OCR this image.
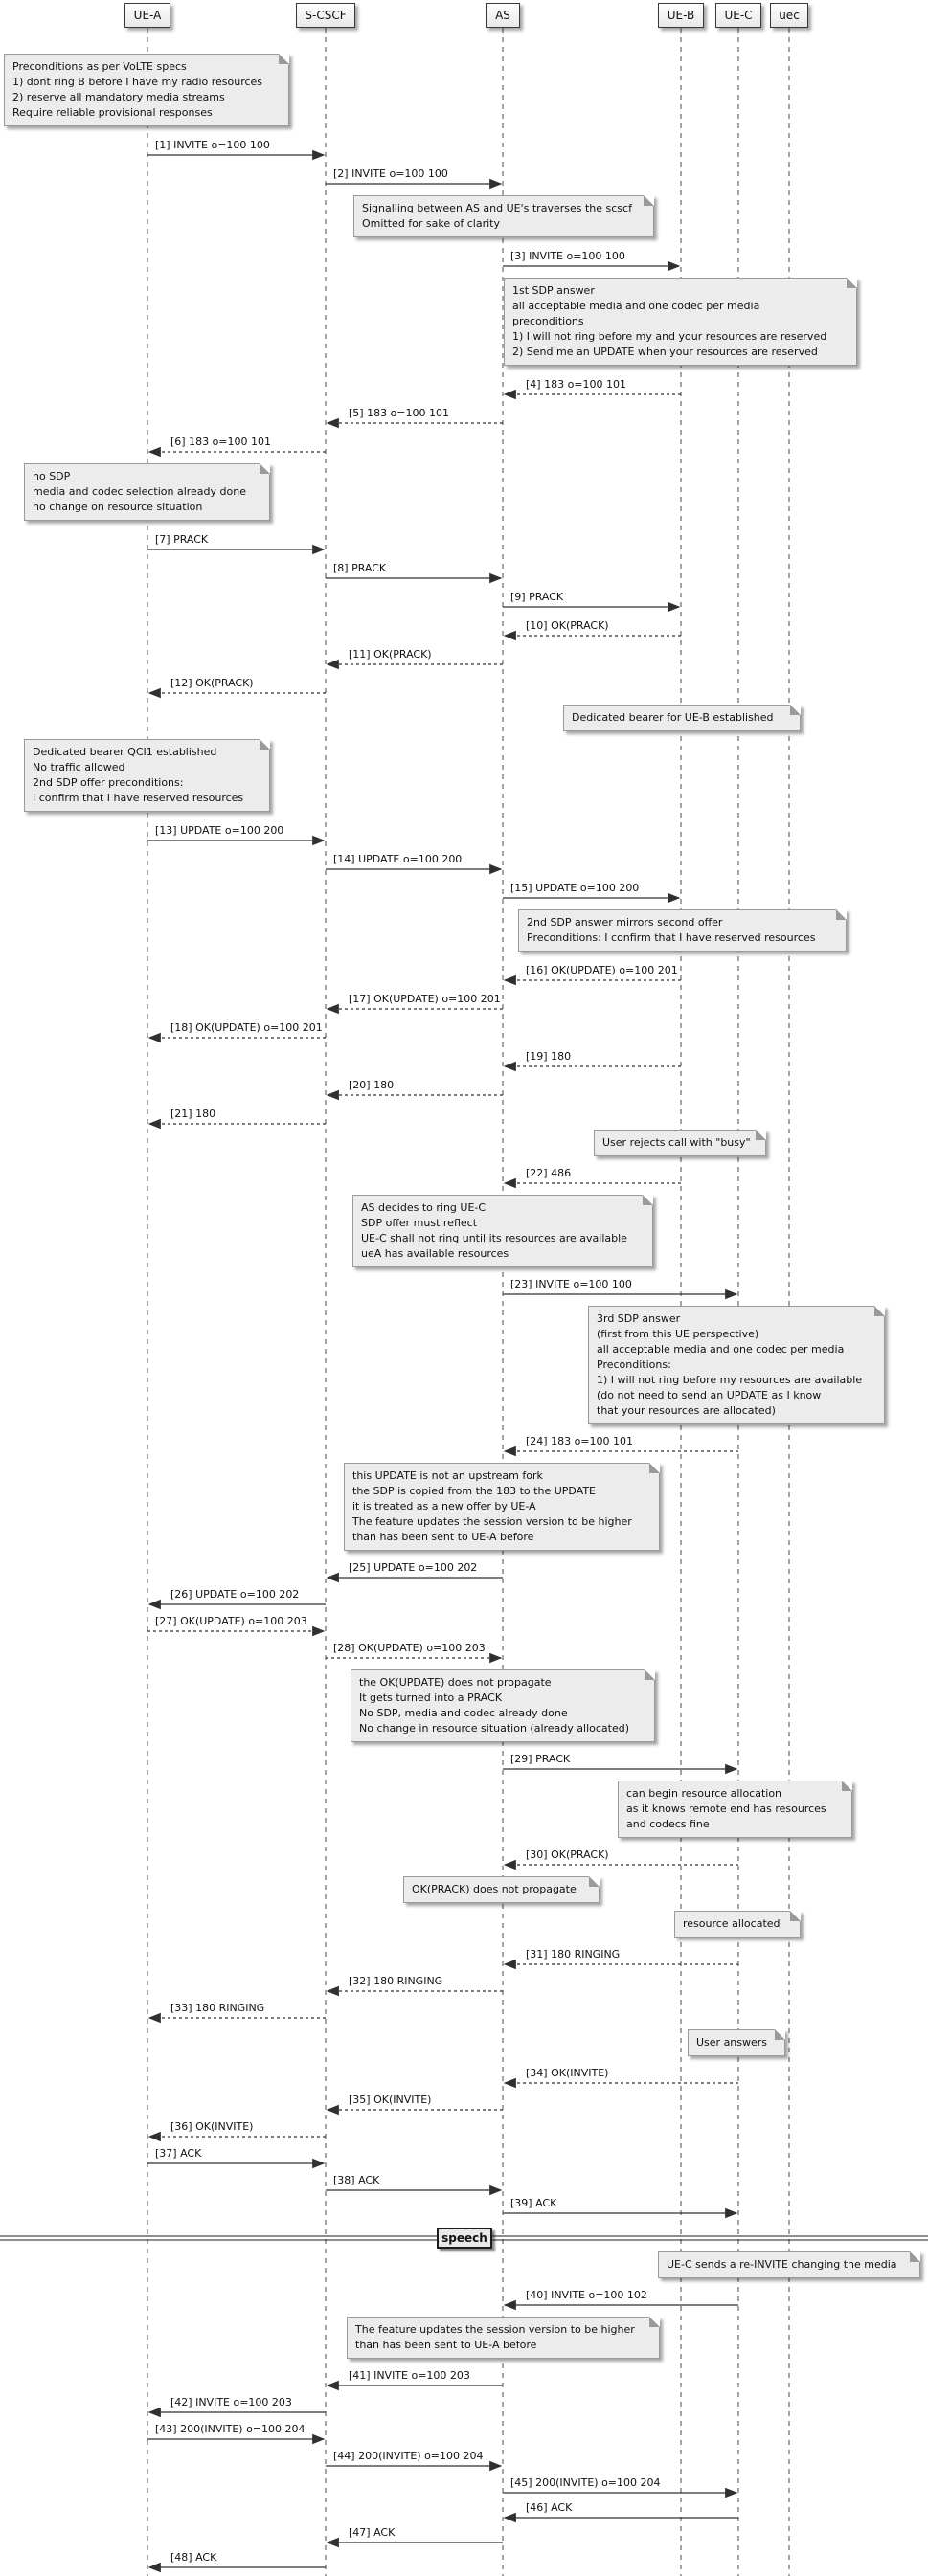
UE-A	S-CSCF	AS	UE-B	UE-C uec
[1] INVITE o=100 100
[2] INVITE o=100 100
[3] INVITE o=100 100
[4] 183 o=100 101
[5] 183 o=100 101
[6] 183 o=100 101
[7] PRACK
[8] PRACK
[9] PRACK
[10] OK(PRACK)
[11] OK(PRACK)
[12] OK(PRACK)
[13] UPDATE o=100 200
[14] UPDATE o=100 200
[15] UPDATE o=100 200
[16] OK(UPDATE) o=100 201
[17] OK(UPDATE) o=100 201
[18] OK(UPDATE) o=100 201
[19] 180
[20] 180
[21] 180
[22] 486
[23] INVITE o=100 100
[24] 183 o=100 101
[25] UPDATE o=100 202
[26] UPDATE o=100 202
[27] OK(UPDATE) o=100 203
[28] OK(UPDATE) o=100 203
[29] PRACK
[30] OK(PRACK)
[31] 180 RINGING
[32] 180 RINGING
[33] 180 RINGING
[34] OK(INVITE)
[35] OK(INVITE)
[36] OK(INVITE)
[37] ACK
[38] ACK
[39] ACK
[40] INVITE o=100 102
[41] INVITE o=100 203
[42] INVITE o=100 203
[43] 200(INVITE) o=100 204
[44] 200(INVITE) o=100 204
[45] 200(INVITE) o=100 204
[46] ACK
[47] ACK
[48] ACK
Preconditions as per VoLTE specs
1) dont ring B before I have my radio resources
2) reserve all mandatory media streams
Require reliable provisional responses
Signalling between AS and UE's traverses the scscf
Omitted for sake of clarity
1st SDP answer
all acceptable media and one codec per media
preconditions
1) I will not ring before my and your resources are reserved
2) Send me an UPDATE when your resources are reserved
no SDP
media and codec selection already done
no change on resource situation
Dedicated bearer for UE-B established
Dedicated bearer QCI1 established
No traffic allowed
2nd SDP offer preconditions:
I confirm that I have reserved resources
2nd SDP answer mirrors second offer
Preconditions: I confirm that I have reserved resources
User rejects call with "busy"
AS decides to ring UE-C
SDP offer must reflect
UE-C shall not ring until its resources are available
ueA has available resources
3rd SDP answer
(first from this UE perspective)
all acceptable media and one codec per media
Preconditions:
1) I will not ring before my resources are available
(do not need to send an UPDATE as I know
that your resources are allocated)
this UPDATE is not an upstream fork
the SDP is copied from the 183 to the UPDATE
it is treated as a new offer by UE-A
The feature updates the session version to be higher
than has been sent to UE-A before
the OK(UPDATE) does not propagate
It gets turned into a PRACK
No SDP, media and codec already done
No change in resource situation (already allocated)
can begin resource allocation
as it knows remote end has resources
and codecs fine
OK(PRACK) does not propagate
resource allocated
User answers
UE-C sends a re-INVITE changing the media
The feature updates the session version to be higher
than has been sent to UE-A before
speech
